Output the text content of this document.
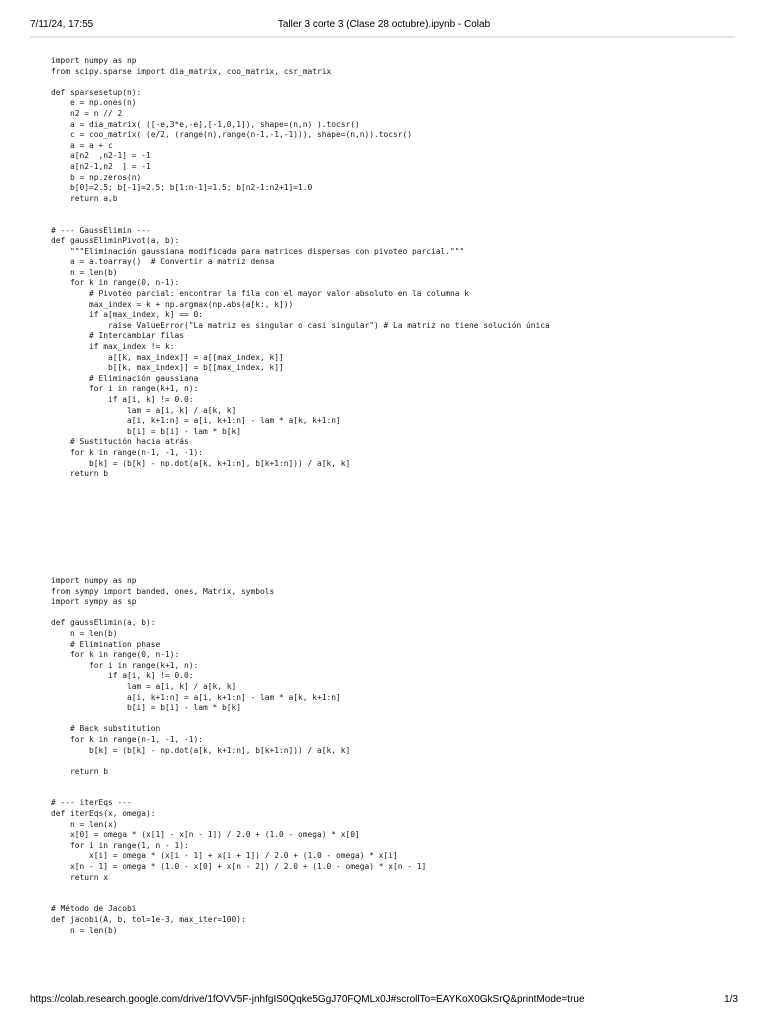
7/11/24, 17:55	Taller 3 corte 3 (Clase 28 octubre).ipynb - Colab
import numpy as np
from scipy.sparse import dia_matrix, coo_matrix, csr_matrix

def sparsesetup(n):
e = np.ones(n)
n2 = n // 2
a = dia_matrix( ([-e,3*e,-e],[-1,0,1]), shape=(n,n) ).tocsr()
c = coo_matrix( (e/2, (range(n),range(n-1,-1,-1))), shape=(n,n)).tocsr()
a = a + c
a[n2  ,n2-1] = -1
a[n2-1,n2  ] = -1
b = np.zeros(n)
b[0]=2.5; b[-1]=2.5; b[1:n-1]=1.5; b[n2-1:n2+1]=1.0
return a,b

# --- GaussElimin ---
def gaussEliminPivot(a, b):
"""Eliminación gaussiana modificada para matrices dispersas con pivoteo parcial."""
a = a.toarray()  # Convertir a matriz densa
n = len(b)
for k in range(0, n-1):
# Pivoteo parcial: encontrar la fila con el mayor valor absoluto en la columna k
max_index = k + np.argmax(np.abs(a[k:, k]))
if a[max_index, k] == 0:
raise ValueError("La matriz es singular o casi singular") # La matriz no tiene solución única
# Intercambiar filas
if max_index != k:
a[[k, max_index]] = a[[max_index, k]]
b[[k, max_index]] = b[[max_index, k]]
# Eliminación gaussiana
for i in range(k+1, n):
if a[i, k] != 0.0:
lam = a[i, k] / a[k, k]
a[i, k+1:n] = a[i, k+1:n] - lam * a[k, k+1:n]
b[i] = b[i] - lam * b[k]
# Sustitución hacia atrás
for k in range(n-1, -1, -1):
b[k] = (b[k] - np.dot(a[k, k+1:n], b[k+1:n])) / a[k, k]
return b
import numpy as np
from sympy import banded, ones, Matrix, symbols
import sympy as sp

def gaussElimin(a, b):
n = len(b)
# Elimination phase
for k in range(0, n-1):
for i in range(k+1, n):
if a[i, k] != 0.0:
lam = a[i, k] / a[k, k]
a[i, k+1:n] = a[i, k+1:n] - lam * a[k, k+1:n]
b[i] = b[i] - lam * b[k]

# Back substitution
for k in range(n-1, -1, -1):
b[k] = (b[k] - np.dot(a[k, k+1:n], b[k+1:n])) / a[k, k]

return b

# --- iterEqs ---
def iterEqs(x, omega):
n = len(x)
x[0] = omega * (x[1] - x[n - 1]) / 2.0 + (1.0 - omega) * x[0]
for i in range(1, n - 1):
x[i] = omega * (x[i - 1] + x[i + 1]) / 2.0 + (1.0 - omega) * x[i]
x[n - 1] = omega * (1.0 - x[0] + x[n - 2]) / 2.0 + (1.0 - omega) * x[n - 1]
return x

# Método de Jacobi
def jacobi(A, b, tol=1e-3, max_iter=100):
n = len(b)
https://colab.research.google.com/drive/1fOVV5F-jnhfgIS0Qqke5GgJ70FQMLx0J#scrollTo=EAYKoX0GkSrQ&printMode=true	1/3
